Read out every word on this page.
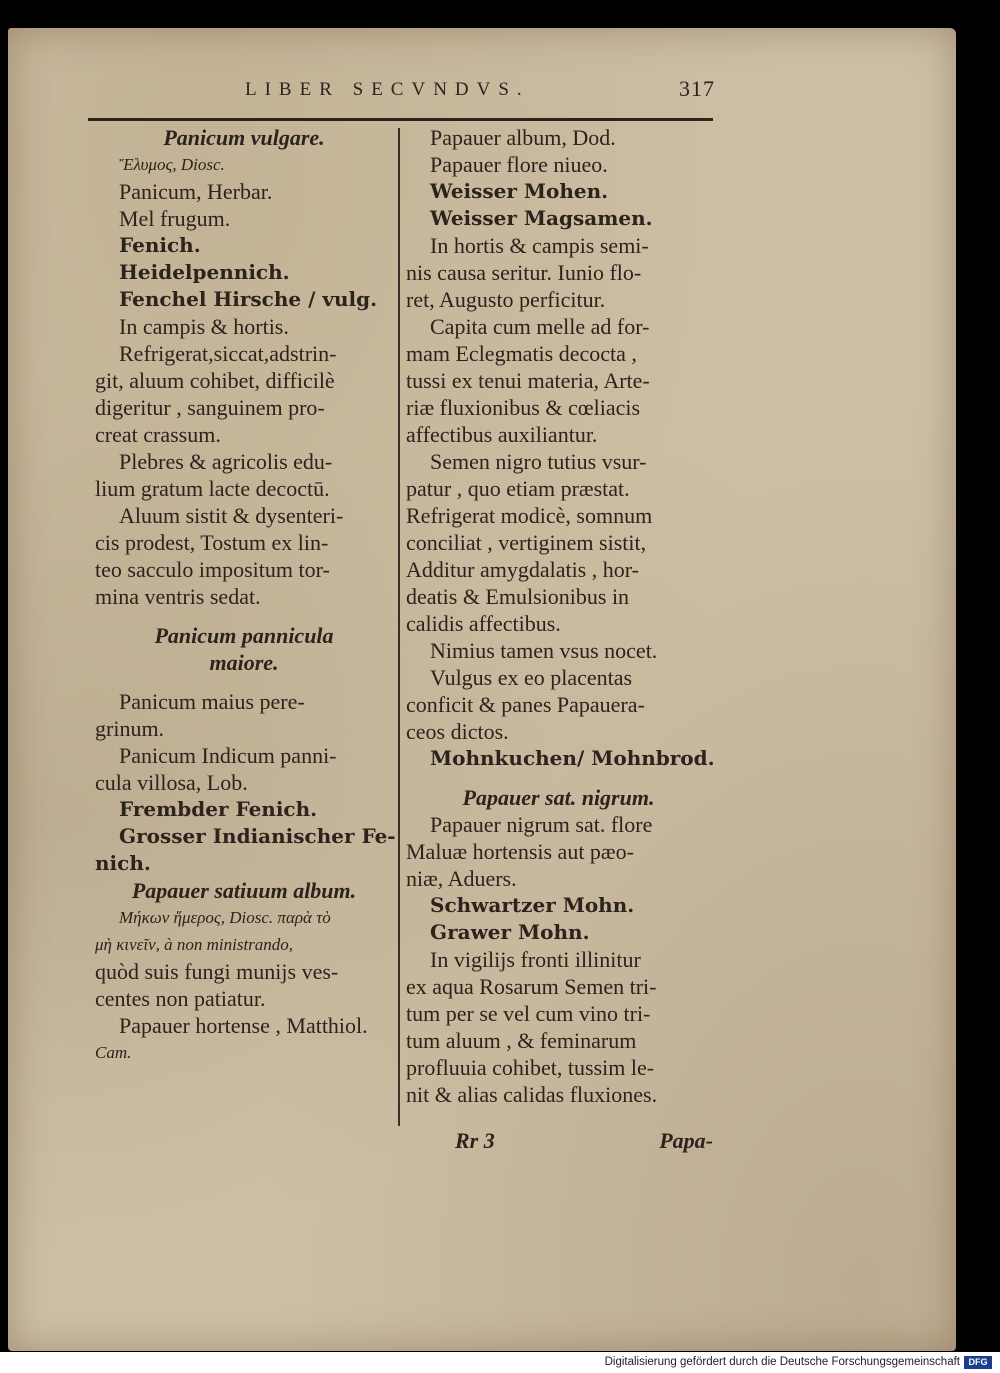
LIBER SECVNDVS.	317
Panicum vulgare.
Ἔλυμος, Diosc.
Panicum, Herbar.
Mel frugum.
Fenich.
Heidelpennich.
Fenchel Hirsche / vulg.
In campis & hortis.
Refrigerat,siccat,adstrin-
git, aluum cohibet, difficilè
digeritur , sanguinem pro-
creat crassum.
Plebres & agricolis edu-
lium gratum lacte decoctū.
Aluum sistit & dysenteri-
cis prodest, Tostum ex lin-
teo sacculo impositum tor-
mina ventris sedat.
Panicum pannicula
maiore.
Panicum maius pere-
grinum.
Panicum Indicum panni-
cula villosa, Lob.
Frembder Fenich.
Grosser Indianischer Fe-
nich.
Papauer satiuum album.
Μήκων ἥμερος, Diosc. παρὰ τὸ
μὴ κινεῖν, à non ministrando,
quòd suis fungi munijs ves-
centes non patiatur.
Papauer hortense , Matthiol.
Cam.
Papauer album, Dod.
Papauer flore niueo.
Weisser Mohen.
Weisser Magsamen.
In hortis & campis semi-
nis causa seritur. Iunio flo-
ret, Augusto perficitur.
Capita cum melle ad for-
mam Eclegmatis decocta ,
tussi ex tenui materia, Arte-
riæ fluxionibus & cœliacis
affectibus auxiliantur.
Semen nigro tutius vsur-
patur , quo etiam præstat.
Refrigerat modicè, somnum
conciliat , vertiginem sistit,
Additur amygdalatis , hor-
deatis & Emulsionibus in
calidis affectibus.
Nimius tamen vsus nocet.
Vulgus ex eo placentas
conficit & panes Papauera-
ceos dictos.
Mohnkuchen/ Mohnbrod.
Papauer sat. nigrum.
Papauer nigrum sat. flore
Maluæ hortensis aut pæo-
niæ, Aduers.
Schwartzer Mohn.
Grawer Mohn.
In vigilijs fronti illinitur
ex aqua Rosarum Semen tri-
tum per se vel cum vino tri-
tum aluum , & feminarum
profluuia cohibet, tussim le-
nit & alias calidas fluxiones.
Rr 3	Papa-
Digitalisierung gefördert durch die Deutsche Forschungsgemeinschaft DFG
